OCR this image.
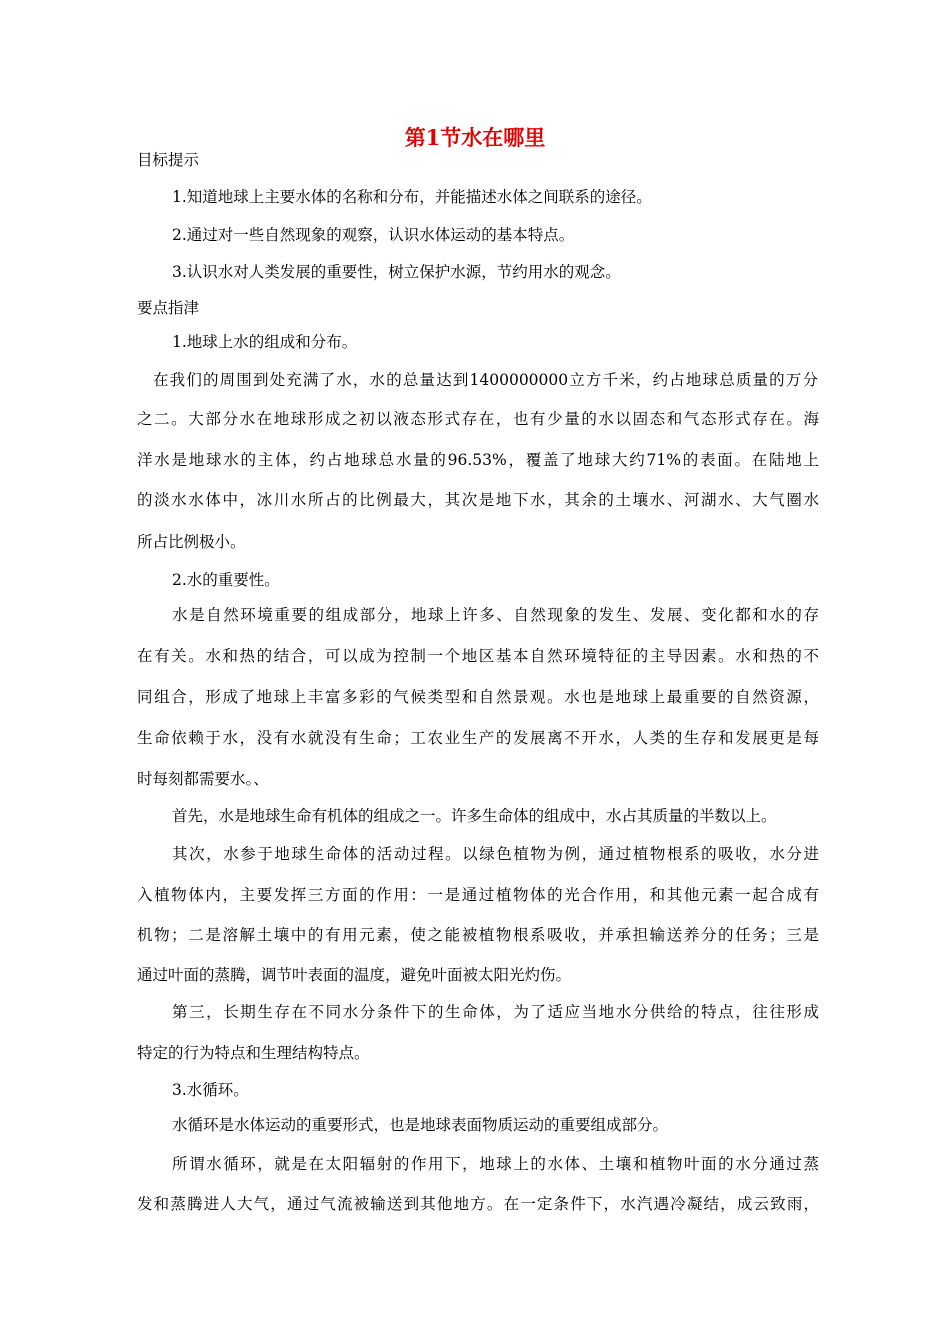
第1节水在哪里
目标提示
1.知道地球上主要水体的名称和分布，并能描述水体之间联系的途径。
2.通过对一些自然现象的观察，认识水体运动的基本特点。
3.认识水对人类发展的重要性，树立保护水源，节约用水的观念。
要点指津
1.地球上水的组成和分布。
在我们的周围到处充满了水，水的总量达到1400000000立方千米，约占地球总质量的万分
之二。大部分水在地球形成之初以液态形式存在，也有少量的水以固态和气态形式存在。海
洋水是地球水的主体，约占地球总水量的96.53%，覆盖了地球大约71%的表面。在陆地上
的淡水水体中，冰川水所占的比例最大，其次是地下水，其余的土壤水、河湖水、大气圈水
所占比例极小。
2.水的重要性。
水是自然环境重要的组成部分，地球上许多、自然现象的发生、发展、变化都和水的存
在有关。水和热的结合，可以成为控制一个地区基本自然环境特征的主导因素。水和热的不
同组合，形成了地球上丰富多彩的气候类型和自然景观。水也是地球上最重要的自然资源，
生命依赖于水，没有水就没有生命；工农业生产的发展离不开水，人类的生存和发展更是每
时每刻都需要水。、
首先，水是地球生命有机体的组成之一。许多生命体的组成中，水占其质量的半数以上。
其次，水参于地球生命体的活动过程。以绿色植物为例，通过植物根系的吸收，水分进
入植物体内，主要发挥三方面的作用：一是通过植物体的光合作用，和其他元素一起合成有
机物；二是溶解土壤中的有用元素，使之能被植物根系吸收，并承担输送养分的任务；三是
通过叶面的蒸腾，调节叶表面的温度，避免叶面被太阳光灼伤。
第三，长期生存在不同水分条件下的生命体，为了适应当地水分供给的特点，往往形成
特定的行为特点和生理结构特点。
3.水循环。
水循环是水体运动的重要形式，也是地球表面物质运动的重要组成部分。
所谓水循环，就是在太阳辐射的作用下，地球上的水体、土壤和植物叶面的水分通过蒸
发和蒸腾进人大气，通过气流被输送到其他地方。在一定条件下，水汽遇冷凝结，成云致雨，
